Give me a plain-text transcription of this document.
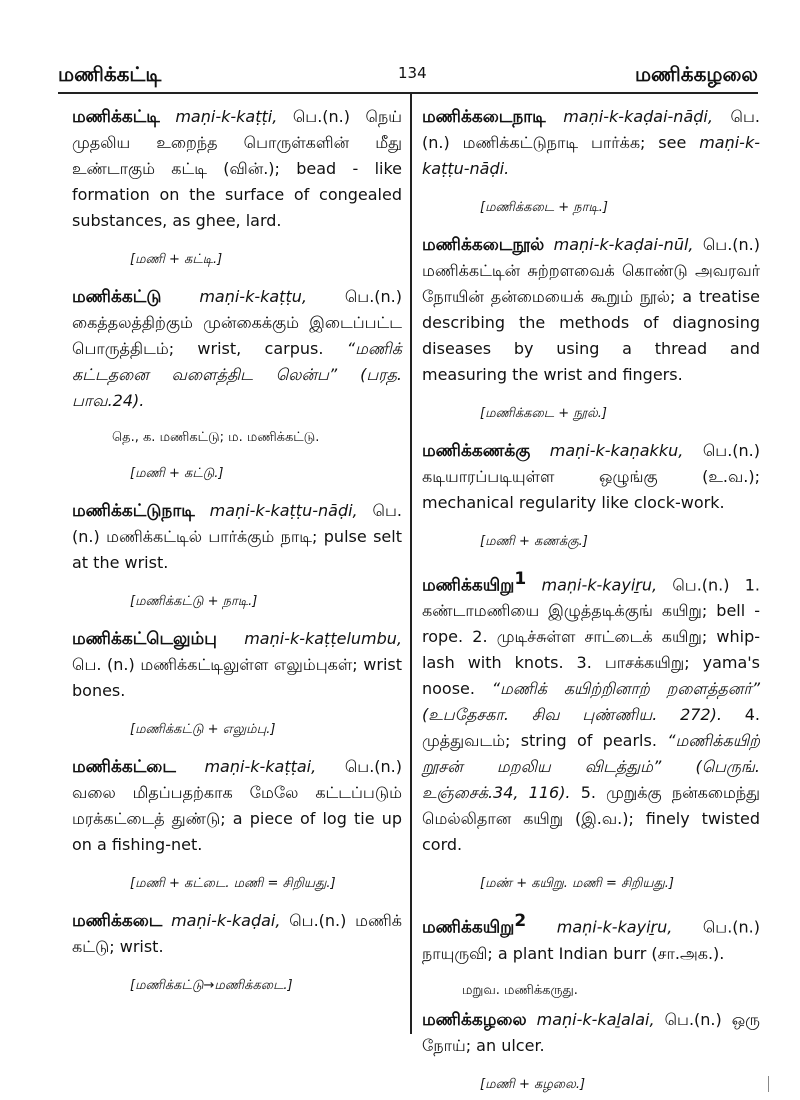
மணிக்கட்டி	134	மணிக்கழலை
மணிக்கட்டி maṇi-k-kaṭṭi, பெ.(n.) நெய் முதலிய உறைந்த பொருள்களின் மீது உண்டாகும் கட்டி (வின்.); bead - like formation on the surface of congealed substances, as ghee, lard.
[மணி + கட்டி.]
மணிக்கட்டு maṇi-k-kaṭṭu, பெ.(n.) கைத்தலத்திற்கும் முன்கைக்கும் இடைப்பட்ட பொருத்திடம்; wrist, carpus. “மணிக் கட்டதனை வளைத்திட லென்ப” (பரத. பாவ.24).
தெ., க. மணிகட்டு; ம. மணிக்கட்டு.
[மணி + கட்டு.]
மணிக்கட்டுநாடி maṇi-k-kaṭṭu-nāḍi, பெ. (n.) மணிக்கட்டில் பார்க்கும் நாடி; pulse selt at the wrist.
[மணிக்கட்டு + நாடி.]
மணிக்கட்டெலும்பு maṇi-k-kaṭṭelumbu, பெ. (n.) மணிக்கட்டிலுள்ள எலும்புகள்; wrist bones.
[மணிக்கட்டு + எலும்பு.]
மணிக்கட்டை maṇi-k-kaṭṭai, பெ.(n.) வலை மிதப்பதற்காக மேலே கட்டப்படும் மரக்கட்டைத் துண்டு; a piece of log tie up on a fishing-net.
[மணி + கட்டை. மணி = சிறியது.]
மணிக்கடை maṇi-k-kaḍai, பெ.(n.) மணிக் கட்டு; wrist.
[மணிக்கட்டு→மணிக்கடை.]
மணிக்கடைநாடி maṇi-k-kaḍai-nāḍi, பெ. (n.) மணிக்கட்டுநாடி பார்க்க; see maṇi-k-kaṭṭu-nāḍi.
[மணிக்கடை + நாடி.]
மணிக்கடைநூல் maṇi-k-kaḍai-nūl, பெ.(n.) மணிக்கட்டின் சுற்றளவைக் கொண்டு அவரவர் நோயின் தன்மையைக் கூறும் நூல்; a treatise describing the methods of diagnosing diseases by using a thread and measuring the wrist and fingers.
[மணிக்கடை + நூல்.]
மணிக்கணக்கு maṇi-k-kaṇakku, பெ.(n.) கடியாரப்படியுள்ள ஒழுங்கு (உ.வ.); mechanical regularity like clock-work.
[மணி + கணக்கு.]
மணிக்கயிறு$^1$ maṇi-k-kayiṟu, பெ.(n.) 1. கண்டாமணியை இழுத்தடிக்குங் கயிறு; bell - rope. 2. முடிச்சுள்ள சாட்டைக் கயிறு; whip-lash with knots. 3. பாசக்கயிறு; yama's noose. “மணிக் கயிற்றினாற் றளைத்தனர்” (உபதேசகா. சிவ புண்ணிய. 272). 4. முத்துவடம்; string of pearls. “மணிக்கயிற் றூசன் மறலிய விடத்தும்” (பெருங். உஞ்சைக்.34, 116). 5. முறுக்கு நன்கமைந்து மெல்லிதான கயிறு (இ.வ.); finely twisted cord.
[மண் + கயிறு. மணி = சிறியது.]
மணிக்கயிறு$^2$ maṇi-k-kayiṟu, பெ.(n.) நாயுருவி; a plant Indian burr (சா.அக.).
மறுவ. மணிக்கருது.
மணிக்கழலை maṇi-k-kaḻalai, பெ.(n.) ஒரு நோய்; an ulcer.
[மணி + கழலை.]
